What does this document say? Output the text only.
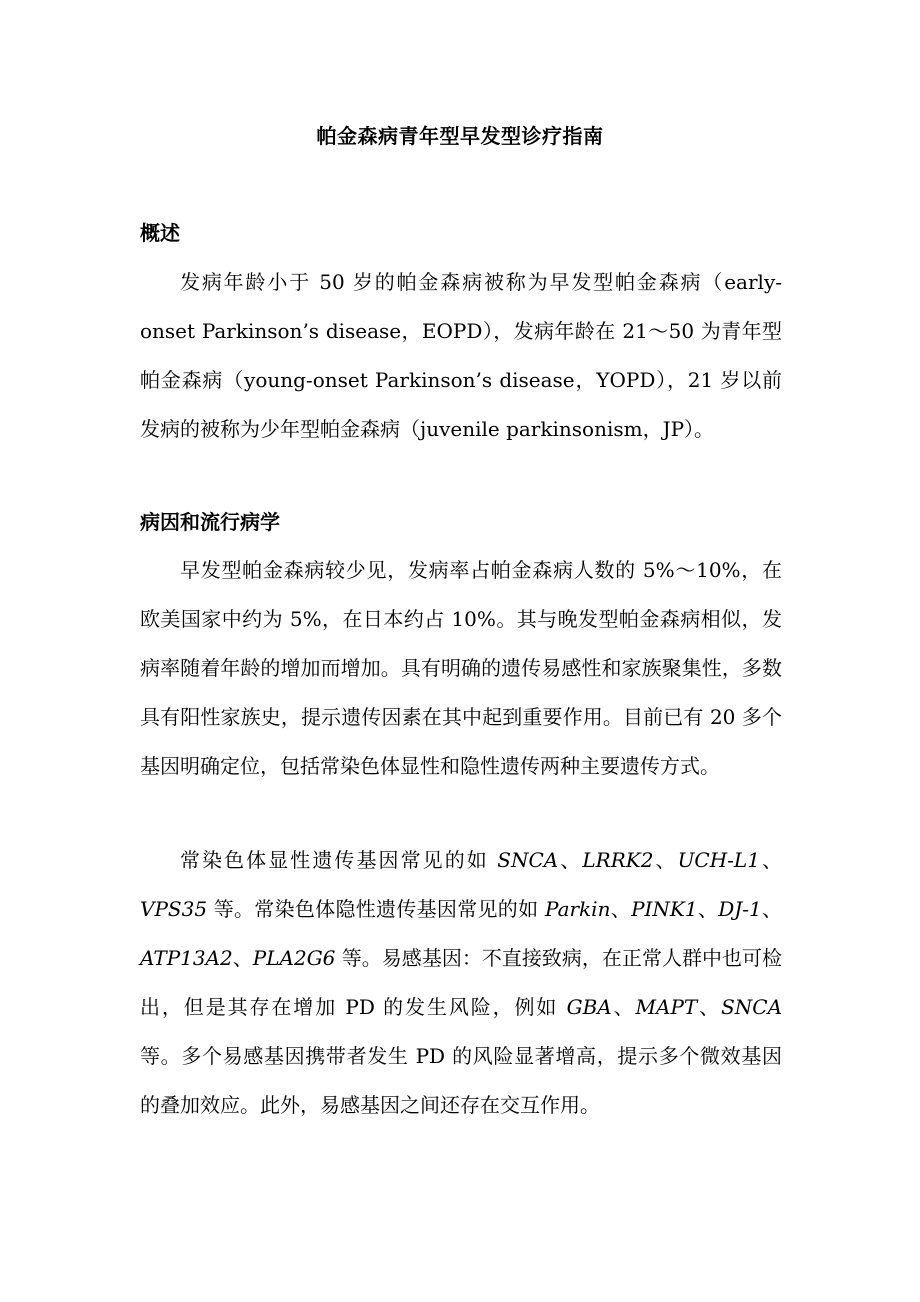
帕金森病青年型早发型诊疗指南
概述

发病年龄小于 50 岁的帕金森病被称为早发型帕金森病（early-onset Parkinson’s disease，EOPD），发病年龄在 21～50 为青年型帕金森病（young-onset Parkinson’s disease，YOPD），21 岁以前发病的被称为少年型帕金森病（juvenile parkinsonism，JP）。

病因和流行病学

早发型帕金森病较少见，发病率占帕金森病人数的 5%～10%，在欧美国家中约为 5%，在日本约占 10%。其与晚发型帕金森病相似，发病率随着年龄的增加而增加。具有明确的遗传易感性和家族聚集性，多数具有阳性家族史，提示遗传因素在其中起到重要作用。目前已有 20 多个基因明确定位，包括常染色体显性和隐性遗传两种主要遗传方式。

常染色体显性遗传基因常见的如 SNCA、LRRK2、UCH-L1、VPS35 等。常染色体隐性遗传基因常见的如 Parkin、PINK1、DJ-1、ATP13A2、PLA2G6 等。易感基因：不直接致病，在正常人群中也可检出，但是其存在增加 PD 的发生风险，例如 GBA、MAPT、SNCA 等。多个易感基因携带者发生 PD 的风险显著增高，提示多个微效基因的叠加效应。此外，易感基因之间还存在交互作用。
